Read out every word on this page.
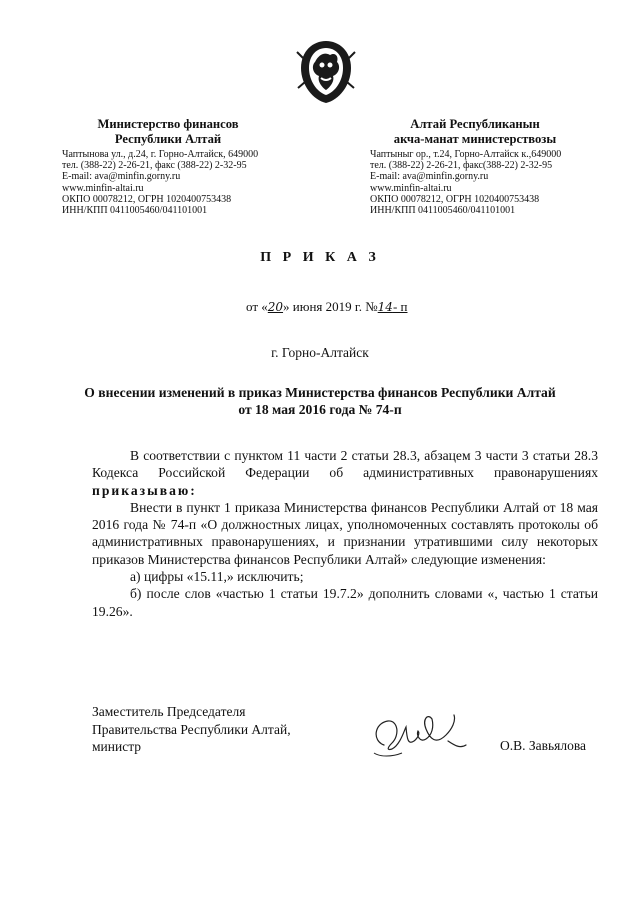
Министерство финансов
Республики Алтай
Чаптынова ул., д.24, г. Горно-Алтайск, 649000
тел. (388-22) 2-26-21, факс (388-22) 2-32-95
E-mail: ava@minfin.gorny.ru
www.minfin-altai.ru
ОКПО 00078212, ОГРН 1020400753438
ИНН/КПП 0411005460/041101001
Алтай Республиканын
акча-манат министерствозы
Чаптыныг ор., т.24, Горно-Алтайск к.,649000
тел. (388-22) 2-26-21, факс(388-22) 2-32-95
E-mail: ava@minfin.gorny.ru
www.minfin-altai.ru
ОКПО 00078212, ОГРН 1020400753438
ИНН/КПП 0411005460/041101001
П Р И К А З
от «20» июня 2019 г. №14- п
г. Горно-Алтайск
О внесении изменений в приказ Министерства финансов Республики Алтай от 18 мая 2016 года № 74-п

В соответствии с пунктом 11 части 2 статьи 28.3, абзацем 3 части 3 статьи 28.3 Кодекса Российской Федерации об административных правонарушениях приказываю:

Внести в пункт 1 приказа Министерства финансов Республики Алтай от 18 мая 2016 года № 74-п «О должностных лицах, уполномоченных составлять протоколы об административных правонарушениях, и признании утратившими силу некоторых приказов Министерства финансов Республики Алтай» следующие изменения:

а) цифры «15.11,» исключить;

б) после слов «частью 1 статьи 19.7.2» дополнить словами «, частью 1 статьи 19.26».

Заместитель Председателя
Правительства Республики Алтай,
министр	О.В. Завьялова
